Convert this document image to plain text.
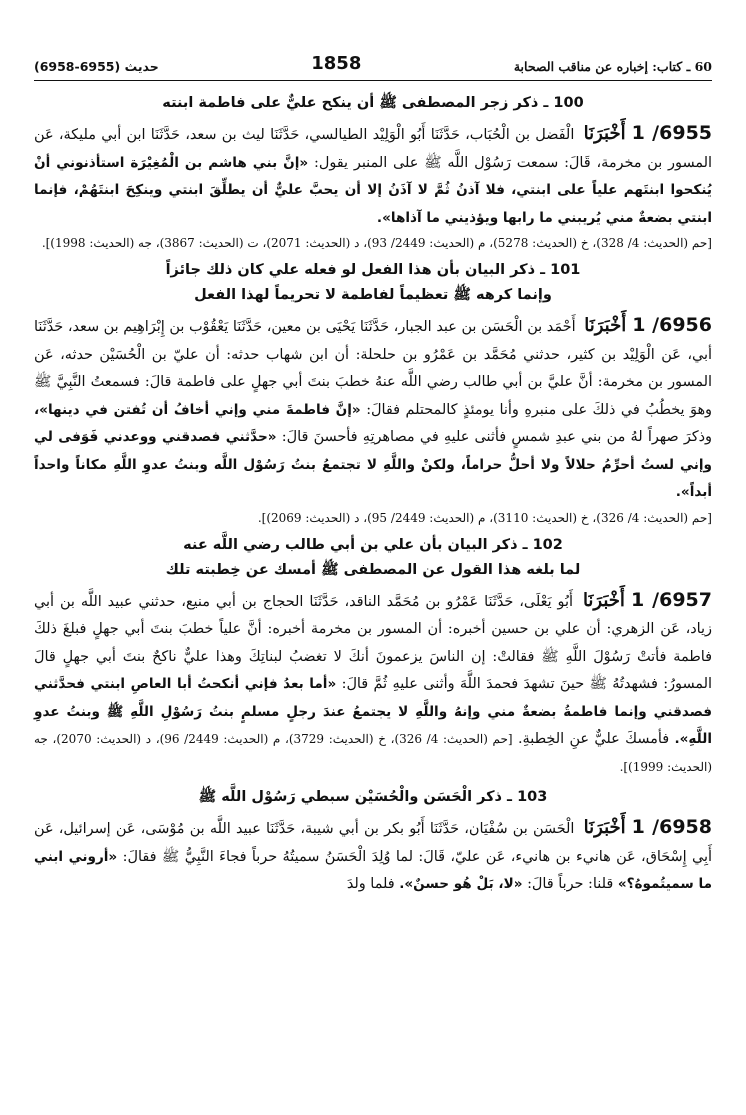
60 ـ كتاب: إخباره عن مناقب الصحابة
1858
حديث (6955-6958)
100 ـ ذكر زجر المصطفى ﷺ أن ينكح عليٌّ على فاطمة ابنته

6955/ 1أَخْبَرَنَا الْفَضل بن الْحُبَاب، حَدَّثَنَا أَبُو الْوَلِيْد الطيالسي، حَدَّثَنَا ليث بن سعد، حَدَّثَنَا ابن أبي مليكة، عَن المسور بن مخرمة، قَالَ: سمعت رَسُوْل اللَّه ﷺ على المنبر يقول: «إنَّ بني هاشم بن الْمُغِيْرَة استأذنوني أنْ يُنكحوا ابنتَهم علياً على ابنتي، فلا آذنُ ثُمَّ لا آذَنُ إلا أن يحبَّ عليٌّ أن يطلِّقَ ابنتي وينكِحَ ابنتَهُمْ، فإنما ابنتي بضعةٌ مني يُريبني ما رابها ويؤذيني ما آذاها».

[حم (الحديث: 4/ 328)، خ (الحديث: 5278)، م (الحديث: 2449/ 93)، د (الحديث: 2071)، ت (الحديث: 3867)، جه (الحديث: 1998)].

101 ـ ذكر البيان بأن هذا الفعل لو فعله علي كان ذلك جائزاً
وإنما كرهه ﷺ تعظيماً لفاطمة لا تحريماً لهذا الفعل

6956/ 1أَخْبَرَنَا أَحْمَد بن الْحَسَن بن عبد الجبار، حَدَّثَنَا يَحْيَى بن معين، حَدَّثَنَا يَعْقُوْب بن إِبْرَاهِيم بن سعد، حَدَّثَنَا أبي، عَن الْوَلِيْد بن كثير، حدثني مُحَمَّد بن عَمْرُو بن حلحلة: أن ابن شهاب حدثه: أن عليّ بن الْحُسَيْن حدثه، عَن المسور بن مخرمة: أنَّ عليَّ بن أبي طالب رضي اللَّه عنهُ خطبَ بنتَ أبي جهلٍ على فاطمة قالَ: فسمعتُ النَّبِيَّ ﷺ وهوَ يخطُبُ في ذلكَ على منبرهِ وأنا يومئذٍ كالمحتلم فقالَ: «إنَّ فاطمةَ مني وإني أخافُ أن تُفتن في دينها»، وذكرَ صهراً لهُ من بني عبدِ شمسٍ فأثنى عليهِ في مصاهرتِهِ فأحسنَ قالَ: «حدَّثني فصدقني ووعدني فَوَفى لي وإني لستُ أحرِّمُ حلالاً ولا أحلُّ حراماً، ولكنْ واللَّهِ لا تجتمعُ بنتُ رَسُوْل اللَّه وبنتُ عدوِ اللَّهِ مكاناً واحداً أبداً».

[حم (الحديث: 4/ 326)، خ (الحديث: 3110)، م (الحديث: 2449/ 95)، د (الحديث: 2069)].

102 ـ ذكر البيان بأن علي بن أبي طالب رضي اللَّه عنه
لما بلغه هذا القول عن المصطفى ﷺ أمسك عن خِطبته تلك

6957/ 1أَخْبَرَنَا أَبُو يَعْلَى، حَدَّثَنَا عَمْرُو بن مُحَمَّد الناقد، حَدَّثَنَا الحجاج بن أبي منيع، حدثني عبيد اللَّه بن أبي زياد، عَن الزهري: أن علي بن حسين أخبره: أن المسور بن مخرمة أخبره: أنَّ علياً خطبَ بنتَ أبي جهلٍ فبلغَ ذلكَ فاطمة فأتتْ رَسُوْلَ اللَّهِ ﷺ فقالتْ: إن الناسَ يزعمونَ أنكَ لا تغضبُ لبناتِكَ وهذا عليٌّ ناكحٌ بنتَ أبي جهلٍ قالَ المسورُ: فشهدتُهُ ﷺ حينَ تشهدَ فحمدَ اللَّهَ وأثنى عليهِ ثُمَّ قالَ: «أما بعدُ فإني أنكحتُ أبا العاصِ ابنتي فحدَّثني فصدقني وإنما فاطمةُ بضعةٌ مني وإنهُ واللَّهِ لا يجتمعُ عندَ رجلٍ مسلمٍ بنتُ رَسُوْلِ اللَّهِ ﷺ وبنتُ عدوِ اللَّهِ». فأمسكَ عليٌّ عنِ الخِطبةِ. [حم (الحديث: 4/ 326)، خ (الحديث: 3729)، م (الحديث: 2449/ 96)، د (الحديث: 2070)، جه (الحديث: 1999)].

103 ـ ذكر الْحَسَن والْحُسَيْن سبطي رَسُوْل اللَّه ﷺ

6958/ 1أَخْبَرَنَا الْحَسَن بن سُفْيَان، حَدَّثَنَا أَبُو بكر بن أبي شيبة، حَدَّثَنَا عبيد اللَّه بن مُوْسَى، عَن إسرائيل، عَن أَبِي إِسْحَاق، عَن هانيء بن هانيء، عَن عليّ، قَالَ: لما وُلِدَ الْحَسَنُ سميتُهُ حرباً فجاءَ النَّبِيُّ ﷺ فقالَ: «أروني ابني ما سميتُموهُ؟» قلنا: حرباً قالَ: «لا، بَلْ هُو حسنٌ». فلما ولدَ
